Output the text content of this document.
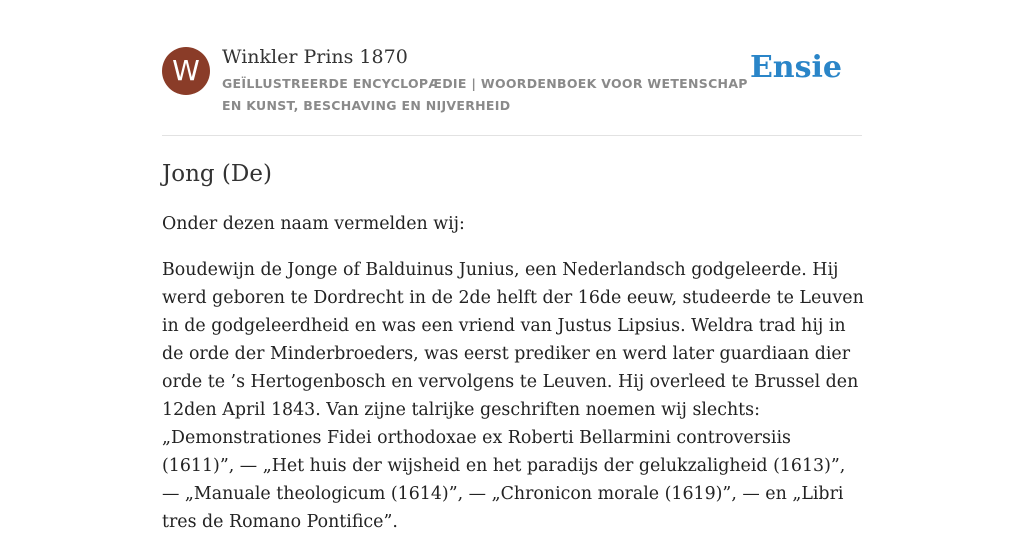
W	Winkler Prins 1870
GEÏLLUSTREERDE ENCYCLOPÆDIE | WOORDENBOEK VOOR WETENSCHAP EN KUNST, BESCHAVING EN NIJVERHEID
Ensie
Jong (De)

Onder dezen naam vermelden wij:

Boudewijn de Jonge of Balduinus Junius, een Nederlandsch godgeleerde. Hij werd geboren te Dordrecht in de 2de helft der 16de eeuw, studeerde te Leuven in de godgeleerdheid en was een vriend van Justus Lipsius. Weldra trad hij in de orde der Minderbroeders, was eerst prediker en werd later guardiaan dier orde te ’s Hertogenbosch en vervolgens te Leuven. Hij overleed te Brussel den 12den April 1843. Van zijne talrijke geschriften noemen wij slechts: „Demonstrationes Fidei orthodoxae ex Roberti Bellarmini controversiis (1611)”, — „Het huis der wijsheid en het paradijs der gelukzaligheid (1613)”, — „Manuale theologicum (1614)”, — „Chronicon morale (1619)”, — en „Libri tres de Romano Pontifice”.
